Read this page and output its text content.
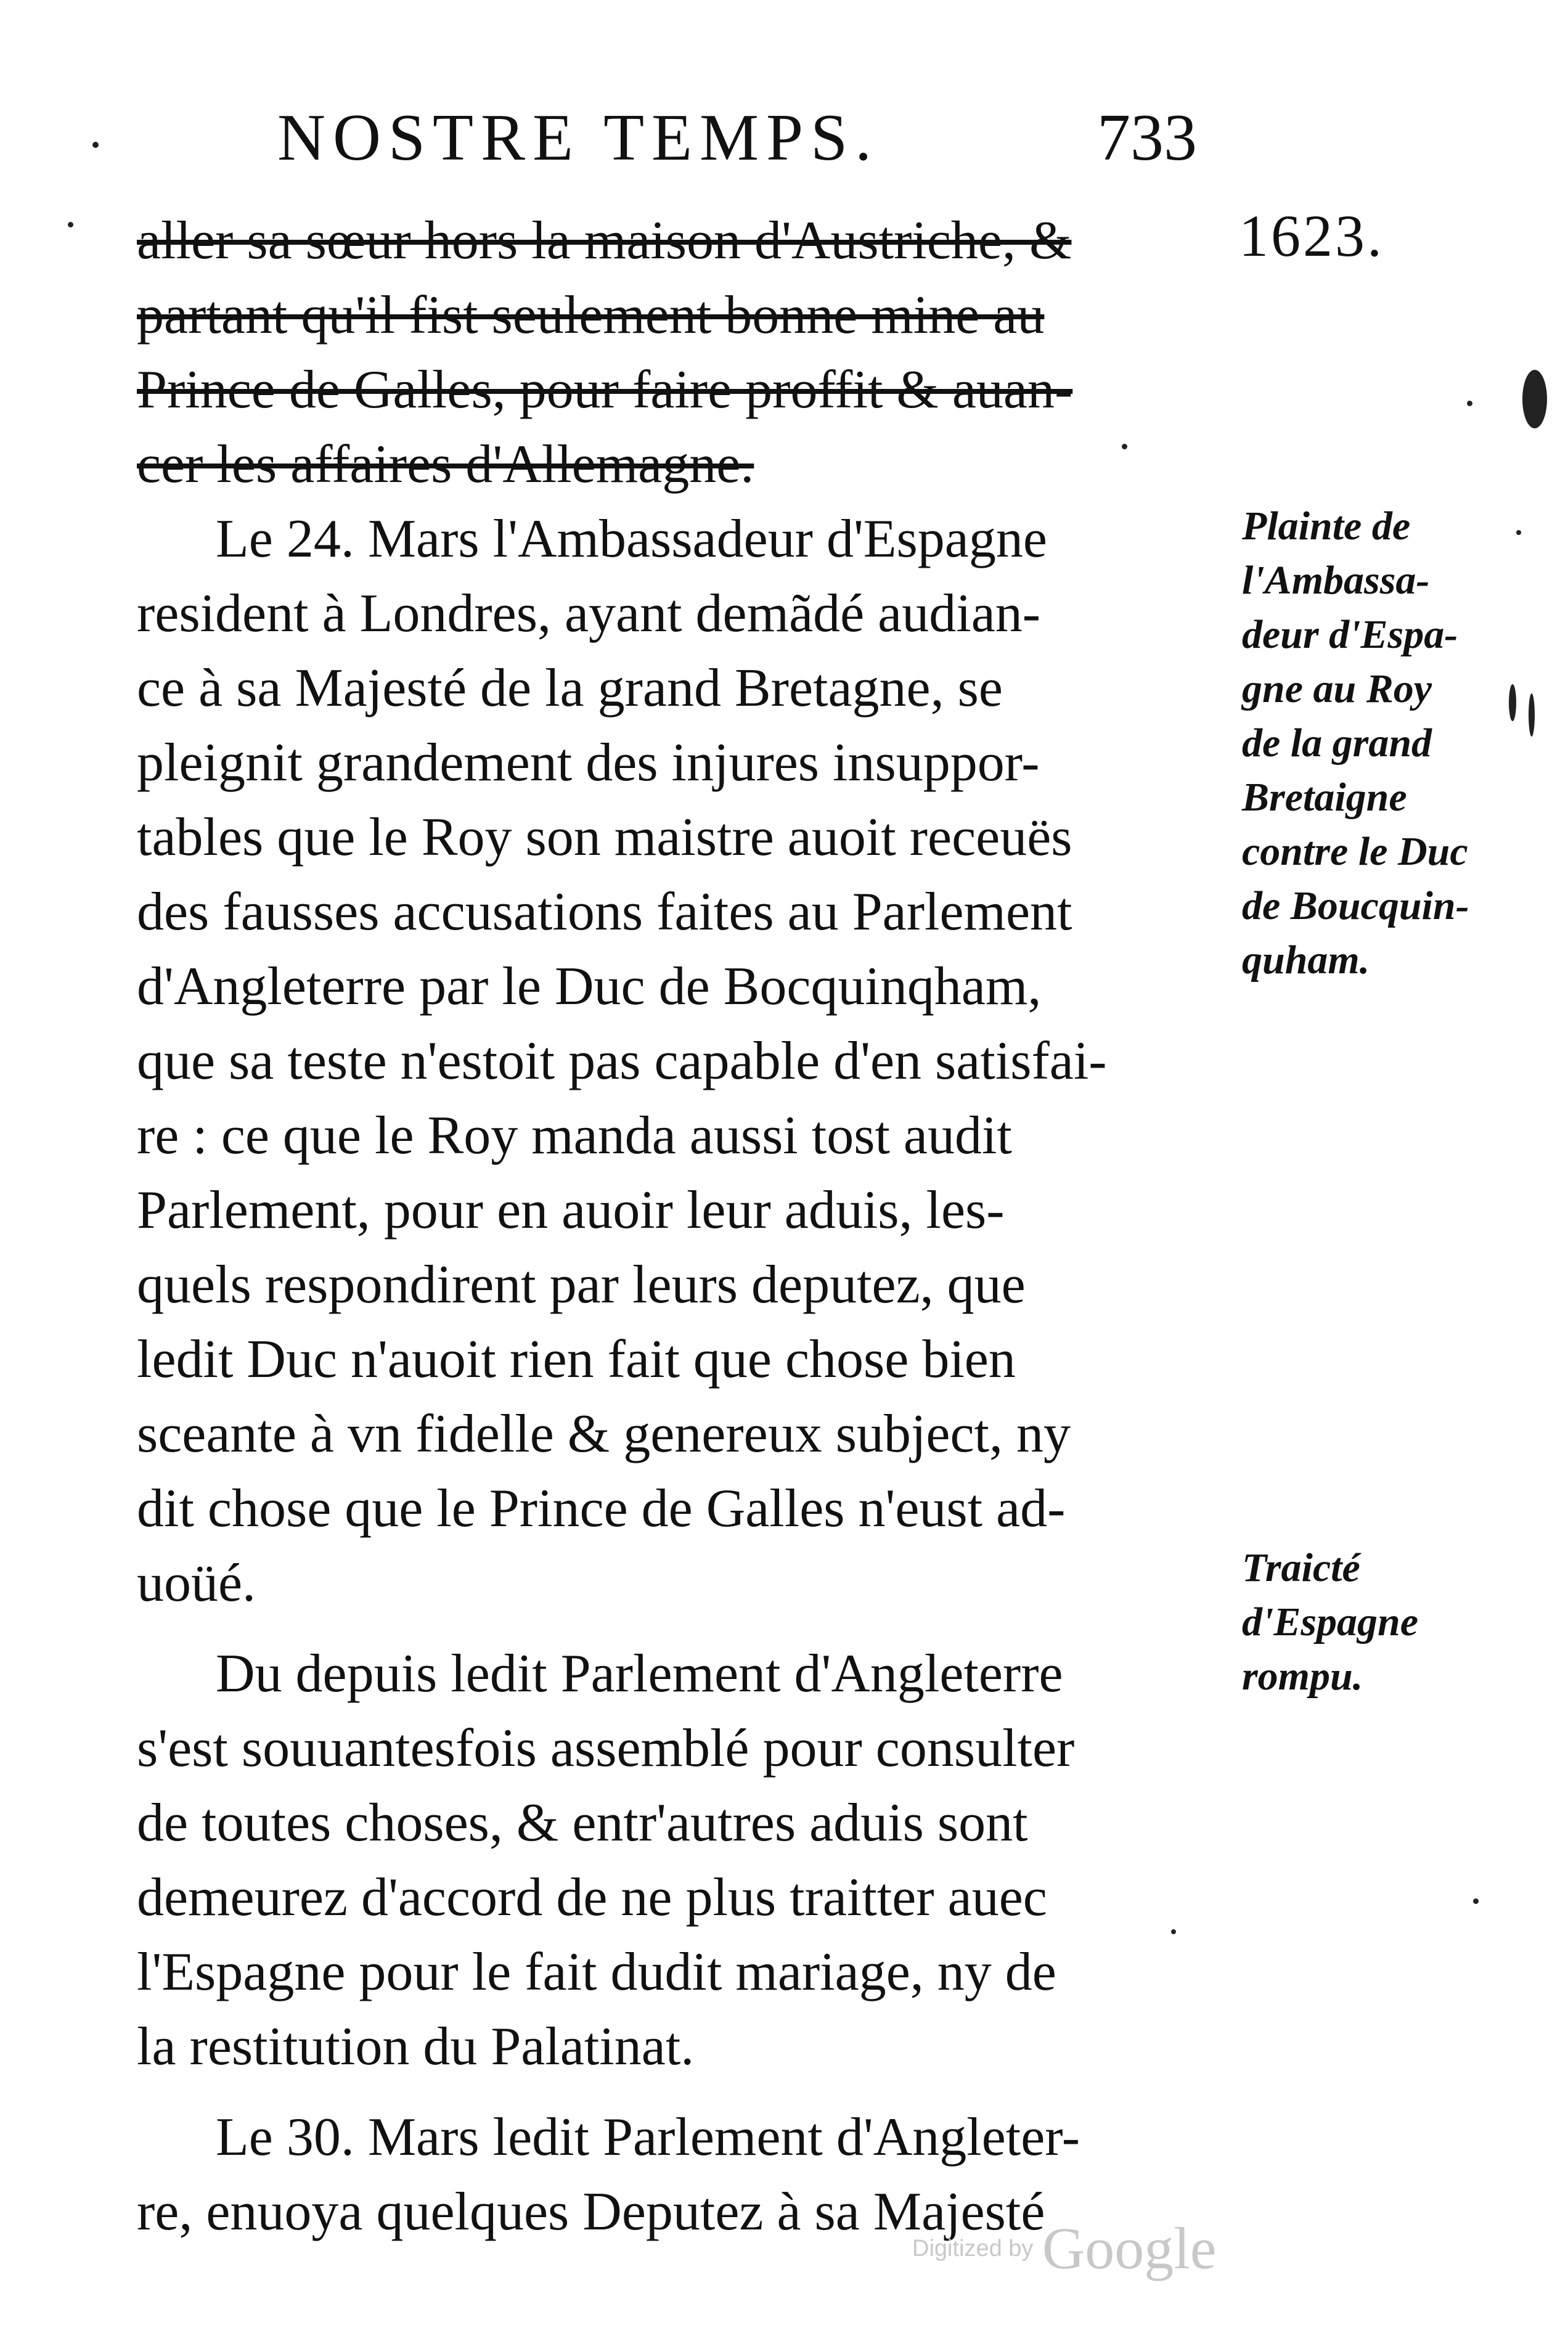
NOSTRE TEMPS.	733
1623.
aller sa sœur hors la maison d'Austriche, &
partant qu'il fist seulement bonne mine au
Prince de Galles, pour faire proffit & auan-
cer les affaires d'Allemagne.
Le 24. Mars l'Ambassadeur d'Espagne
resident à Londres, ayant demãdé audian-
ce à sa Majesté de la grand Bretagne, se
pleignit grandement des injures insuppor-
tables que le Roy son maistre auoit receuës
des fausses accusations faites au Parlement
d'Angleterre par le Duc de Bocquinqham,
que sa teste n'estoit pas capable d'en satisfai-
re : ce que le Roy manda aussi tost audit
Parlement, pour en auoir leur aduis, les-
quels respondirent par leurs deputez, que
ledit Duc n'auoit rien fait que chose bien
sceante à vn fidelle & genereux subject, ny
dit chose que le Prince de Galles n'eust ad-
uoüé.
Du depuis ledit Parlement d'Angleterre
s'est souuantesfois assemblé pour consulter
de toutes choses, & entr'autres aduis sont
demeurez d'accord de ne plus traitter auec
l'Espagne pour le fait dudit mariage, ny de
la restitution du Palatinat.
Le 30. Mars ledit Parlement d'Angleter-
re, enuoya quelques Deputez à sa Majesté
Plainte de
l'Ambassa-
deur d'Espa-
gne au Roy
de la grand
Bretaigne
contre le Duc
de Boucquin-
quham.
Traicté
d'Espagne
rompu.
Digitized by Google
